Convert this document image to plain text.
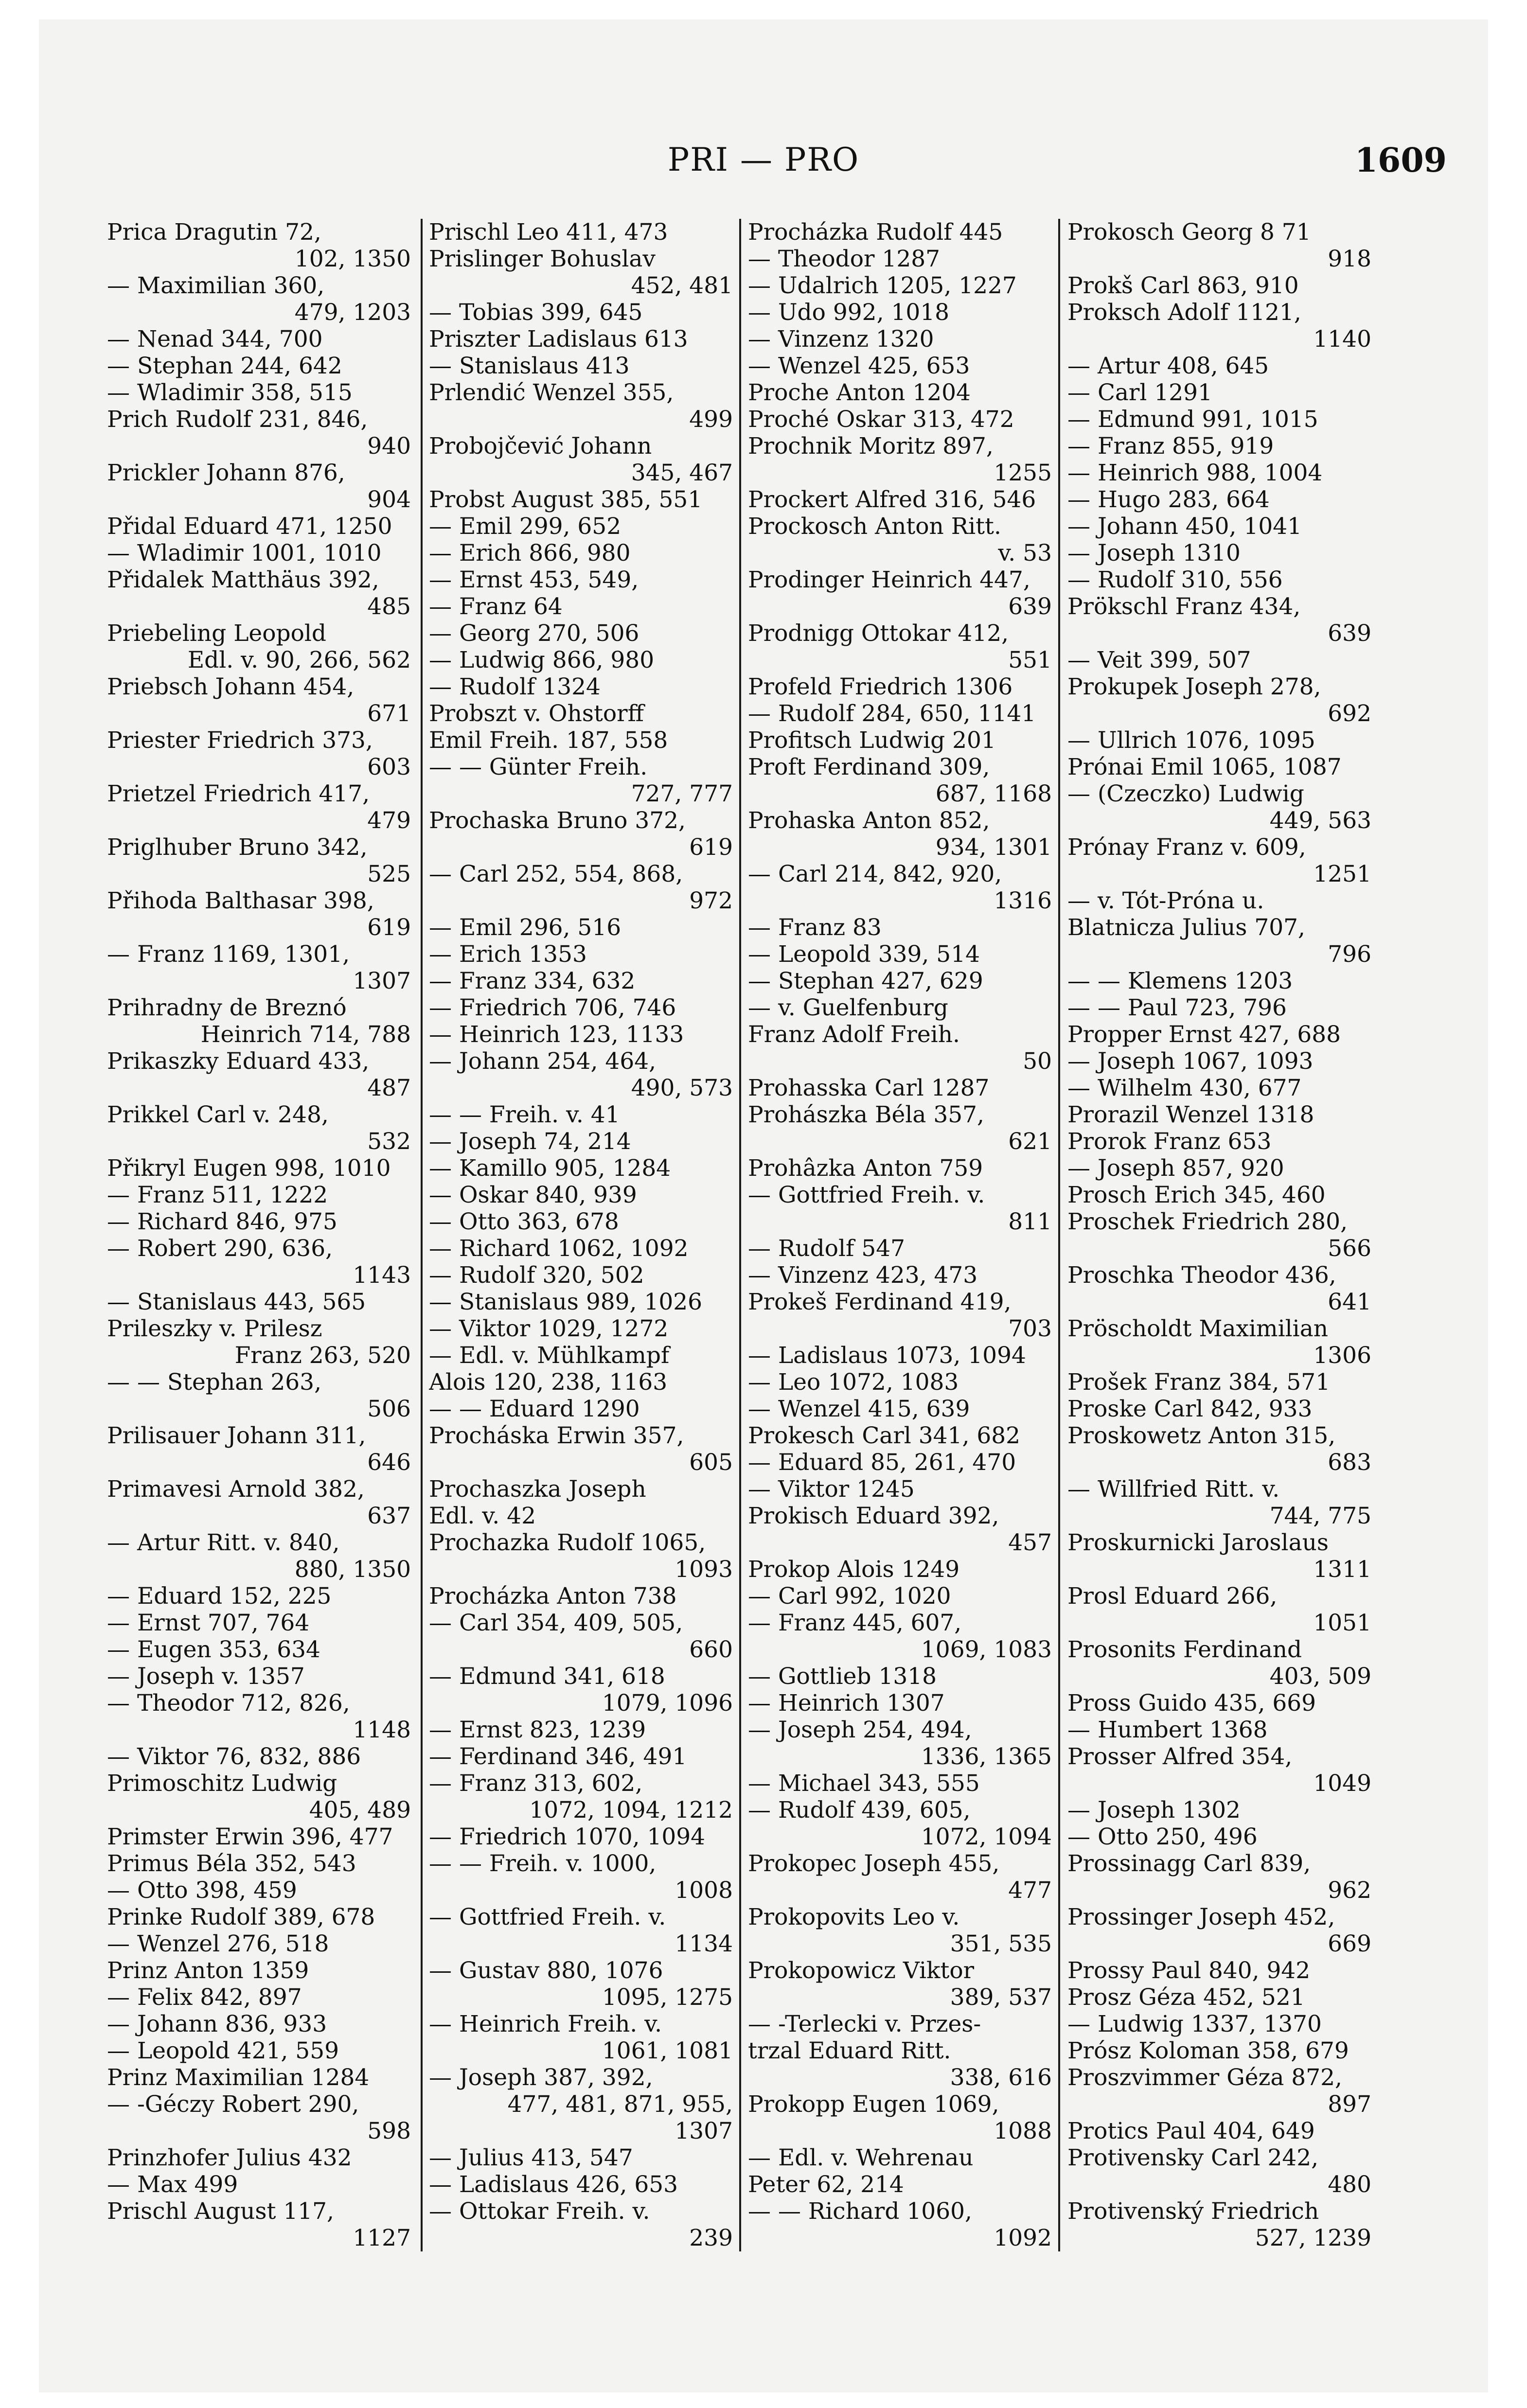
PRI — PRO	1609
Prica Dragutin 72,
102, 1350
— Maximilian 360,
479, 1203
— Nenad 344, 700
— Stephan 244, 642
— Wladimir 358, 515
Prich Rudolf 231, 846,
940
Prickler Johann 876,
904
Přidal Eduard 471, 1250
— Wladimir 1001, 1010
Přidalek Matthäus 392,
485
Priebeling Leopold
Edl. v. 90, 266, 562
Priebsch Johann 454,
671
Priester Friedrich 373,
603
Prietzel Friedrich 417,
479
Priglhuber Bruno 342,
525
Přihoda Balthasar 398,
619
— Franz 1169, 1301,
1307
Prihradny de Breznó
Heinrich 714, 788
Prikaszky Eduard 433,
487
Prikkel Carl v. 248,
532
Přikryl Eugen 998, 1010
— Franz 511, 1222
— Richard 846, 975
— Robert 290, 636,
1143
— Stanislaus 443, 565
Prileszky v. Prilesz
Franz 263, 520
— — Stephan 263,
506
Prilisauer Johann 311,
646
Primavesi Arnold 382,
637
— Artur Ritt. v. 840,
880, 1350
— Eduard 152, 225
— Ernst 707, 764
— Eugen 353, 634
— Joseph v. 1357
— Theodor 712, 826,
1148
— Viktor 76, 832, 886
Primoschitz Ludwig
405, 489
Primster Erwin 396, 477
Primus Béla 352, 543
— Otto 398, 459
Prinke Rudolf 389, 678
— Wenzel 276, 518
Prinz Anton 1359
— Felix 842, 897
— Johann 836, 933
— Leopold 421, 559
Prinz Maximilian 1284
— -Géczy Robert 290,
598
Prinzhofer Julius 432
— Max 499
Prischl August 117,
1127
Prischl Leo 411, 473
Prislinger Bohuslav
452, 481
— Tobias 399, 645
Priszter Ladislaus 613
— Stanislaus 413
Prlendić Wenzel 355,
499
Probojčević Johann
345, 467
Probst August 385, 551
— Emil 299, 652
— Erich 866, 980
— Ernst 453, 549,
— Franz 64
— Georg 270, 506
— Ludwig 866, 980
— Rudolf 1324
Probszt v. Ohstorff
Emil Freih. 187, 558
— — Günter Freih.
727, 777
Prochaska Bruno 372,
619
— Carl 252, 554, 868,
972
— Emil 296, 516
— Erich 1353
— Franz 334, 632
— Friedrich 706, 746
— Heinrich 123, 1133
— Johann 254, 464,
490, 573
— — Freih. v. 41
— Joseph 74, 214
— Kamillo 905, 1284
— Oskar 840, 939
— Otto 363, 678
— Richard 1062, 1092
— Rudolf 320, 502
— Stanislaus 989, 1026
— Viktor 1029, 1272
— Edl. v. Mühlkampf
Alois 120, 238, 1163
— — Eduard 1290
Procháska Erwin 357,
605
Prochaszka Joseph
Edl. v. 42
Prochazka Rudolf 1065,
1093
Procházka Anton 738
— Carl 354, 409, 505,
660
— Edmund 341, 618
1079, 1096
— Ernst 823, 1239
— Ferdinand 346, 491
— Franz 313, 602,
1072, 1094, 1212
— Friedrich 1070, 1094
— — Freih. v. 1000,
1008
— Gottfried Freih. v.
1134
— Gustav 880, 1076
1095, 1275
— Heinrich Freih. v.
1061, 1081
— Joseph 387, 392,
477, 481, 871, 955,
1307
— Julius 413, 547
— Ladislaus 426, 653
— Ottokar Freih. v.
239
Procházka Rudolf 445
— Theodor 1287
— Udalrich 1205, 1227
— Udo 992, 1018
— Vinzenz 1320
— Wenzel 425, 653
Proche Anton 1204
Proché Oskar 313, 472
Prochnik Moritz 897,
1255
Prockert Alfred 316, 546
Prockosch Anton Ritt.
v. 53
Prodinger Heinrich 447,
639
Prodnigg Ottokar 412,
551
Profeld Friedrich 1306
— Rudolf 284, 650, 1141
Profitsch Ludwig 201
Proft Ferdinand 309,
687, 1168
Prohaska Anton 852,
934, 1301
— Carl 214, 842, 920,
1316
— Franz 83
— Leopold 339, 514
— Stephan 427, 629
— v. Guelfenburg
Franz Adolf Freih.
50
Prohasska Carl 1287
Prohászka Béla 357,
621
Prohâzka Anton 759
— Gottfried Freih. v.
811
— Rudolf 547
— Vinzenz 423, 473
Prokeš Ferdinand 419,
703
— Ladislaus 1073, 1094
— Leo 1072, 1083
— Wenzel 415, 639
Prokesch Carl 341, 682
— Eduard 85, 261, 470
— Viktor 1245
Prokisch Eduard 392,
457
Prokop Alois 1249
— Carl 992, 1020
— Franz 445, 607,
1069, 1083
— Gottlieb 1318
— Heinrich 1307
— Joseph 254, 494,
1336, 1365
— Michael 343, 555
— Rudolf 439, 605,
1072, 1094
Prokopec Joseph 455,
477
Prokopovits Leo v.
351, 535
Prokopowicz Viktor
389, 537
— -Terlecki v. Przes-
trzal Eduard Ritt.
338, 616
Prokopp Eugen 1069,
1088
— Edl. v. Wehrenau
Peter 62, 214
— — Richard 1060,
1092
Prokosch Georg 8 71
918
Prokš Carl 863, 910
Proksch Adolf 1121,
1140
— Artur 408, 645
— Carl 1291
— Edmund 991, 1015
— Franz 855, 919
— Heinrich 988, 1004
— Hugo 283, 664
— Johann 450, 1041
— Joseph 1310
— Rudolf 310, 556
Prökschl Franz 434,
639
— Veit 399, 507
Prokupek Joseph 278,
692
— Ullrich 1076, 1095
Prónai Emil 1065, 1087
— (Czeczko) Ludwig
449, 563
Prónay Franz v. 609,
1251
— v. Tót-Próna u.
Blatnicza Julius 707,
796
— — Klemens 1203
— — Paul 723, 796
Propper Ernst 427, 688
— Joseph 1067, 1093
— Wilhelm 430, 677
Prorazil Wenzel 1318
Prorok Franz 653
— Joseph 857, 920
Prosch Erich 345, 460
Proschek Friedrich 280,
566
Proschka Theodor 436,
641
Pröscholdt Maximilian
1306
Prošek Franz 384, 571
Proske Carl 842, 933
Proskowetz Anton 315,
683
— Willfried Ritt. v.
744, 775
Proskurnicki Jaroslaus
1311
Prosl Eduard 266,
1051
Prosonits Ferdinand
403, 509
Pross Guido 435, 669
— Humbert 1368
Prosser Alfred 354,
1049
— Joseph 1302
— Otto 250, 496
Prossinagg Carl 839,
962
Prossinger Joseph 452,
669
Prossy Paul 840, 942
Prosz Géza 452, 521
— Ludwig 1337, 1370
Prósz Koloman 358, 679
Proszvimmer Géza 872,
897
Protics Paul 404, 649
Protivensky Carl 242,
480
Protivenský Friedrich
527, 1239
